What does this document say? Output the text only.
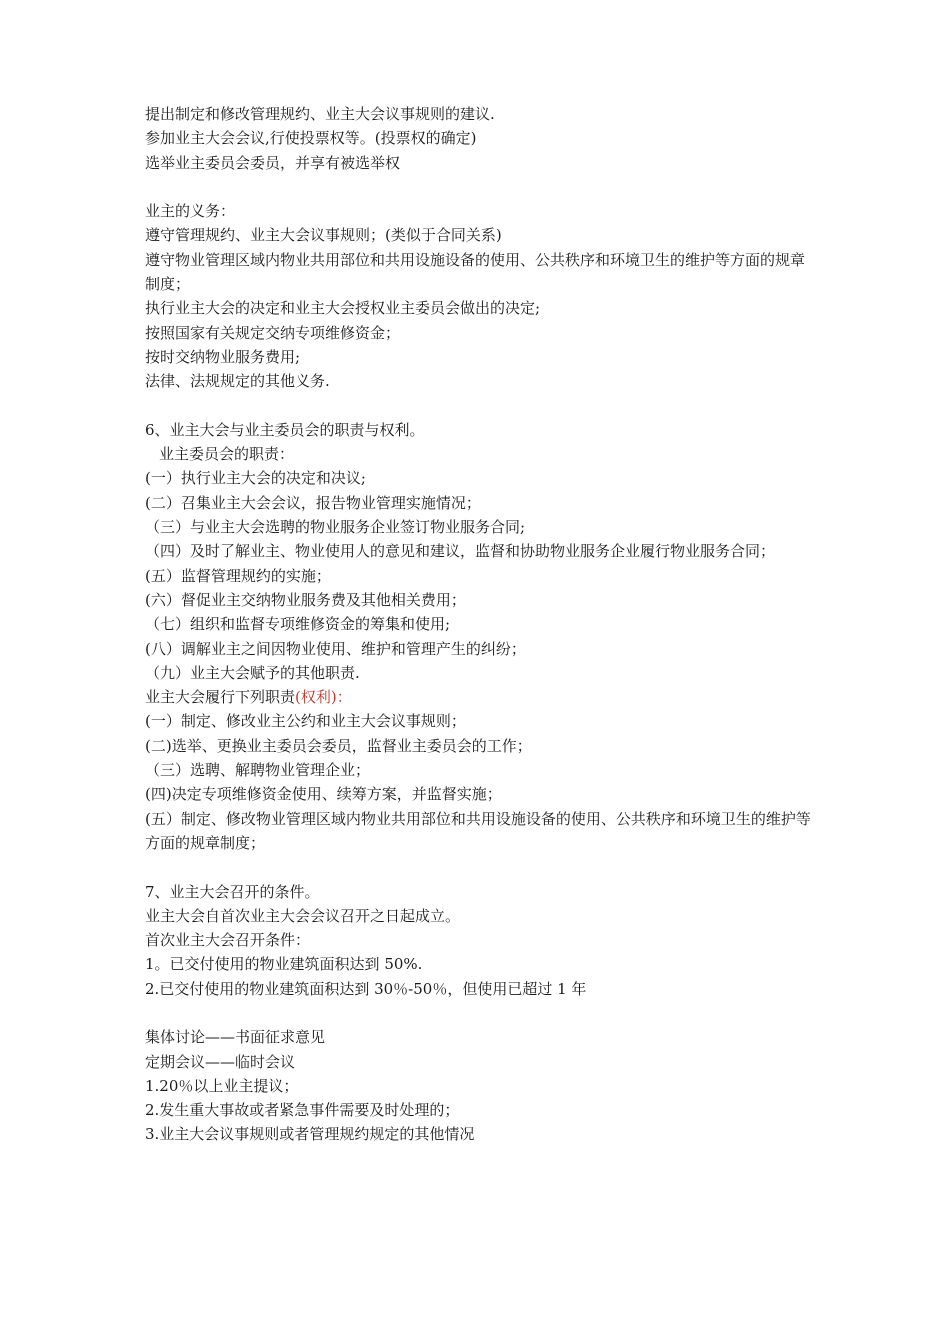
提出制定和修改管理规约、业主大会议事规则的建议.

参加业主大会会议,行使投票权等。(投票权的确定)

选举业主委员会委员，并享有被选举权

业主的义务：

遵守管理规约、业主大会议事规则；(类似于合同关系)

遵守物业管理区域内物业共用部位和共用设施设备的使用、公共秩序和环境卫生的维护等方面的规章制度；

执行业主大会的决定和业主大会授权业主委员会做出的决定;

按照国家有关规定交纳专项维修资金；

按时交纳物业服务费用;

法律、法规规定的其他义务.

6、业主大会与业主委员会的职责与权利。

业主委员会的职责：

(一）执行业主大会的决定和决议;

(二）召集业主大会会议，报告物业管理实施情况；

（三）与业主大会选聘的物业服务企业签订物业服务合同;

（四）及时了解业主、物业使用人的意见和建议，监督和协助物业服务企业履行物业服务合同；

(五）监督管理规约的实施；

(六）督促业主交纳物业服务费及其他相关费用；

（七）组织和监督专项维修资金的筹集和使用;

(八）调解业主之间因物业使用、维护和管理产生的纠纷；

（九）业主大会赋予的其他职责.

业主大会履行下列职责(权利)：

(一）制定、修改业主公约和业主大会议事规则；

(二)选举、更换业主委员会委员，监督业主委员会的工作；

（三）选聘、解聘物业管理企业；

(四)决定专项维修资金使用、续筹方案，并监督实施；

(五）制定、修改物业管理区域内物业共用部位和共用设施设备的使用、公共秩序和环境卫生的维护等方面的规章制度；

7、业主大会召开的条件。

业主大会自首次业主大会会议召开之日起成立。

首次业主大会召开条件：

1。已交付使用的物业建筑面积达到 50%.

2.已交付使用的物业建筑面积达到 30％-50％，但使用已超过 1 年

集体讨论——书面征求意见

定期会议——临时会议

1.20％以上业主提议；

2.发生重大事故或者紧急事件需要及时处理的；

3.业主大会议事规则或者管理规约规定的其他情况
